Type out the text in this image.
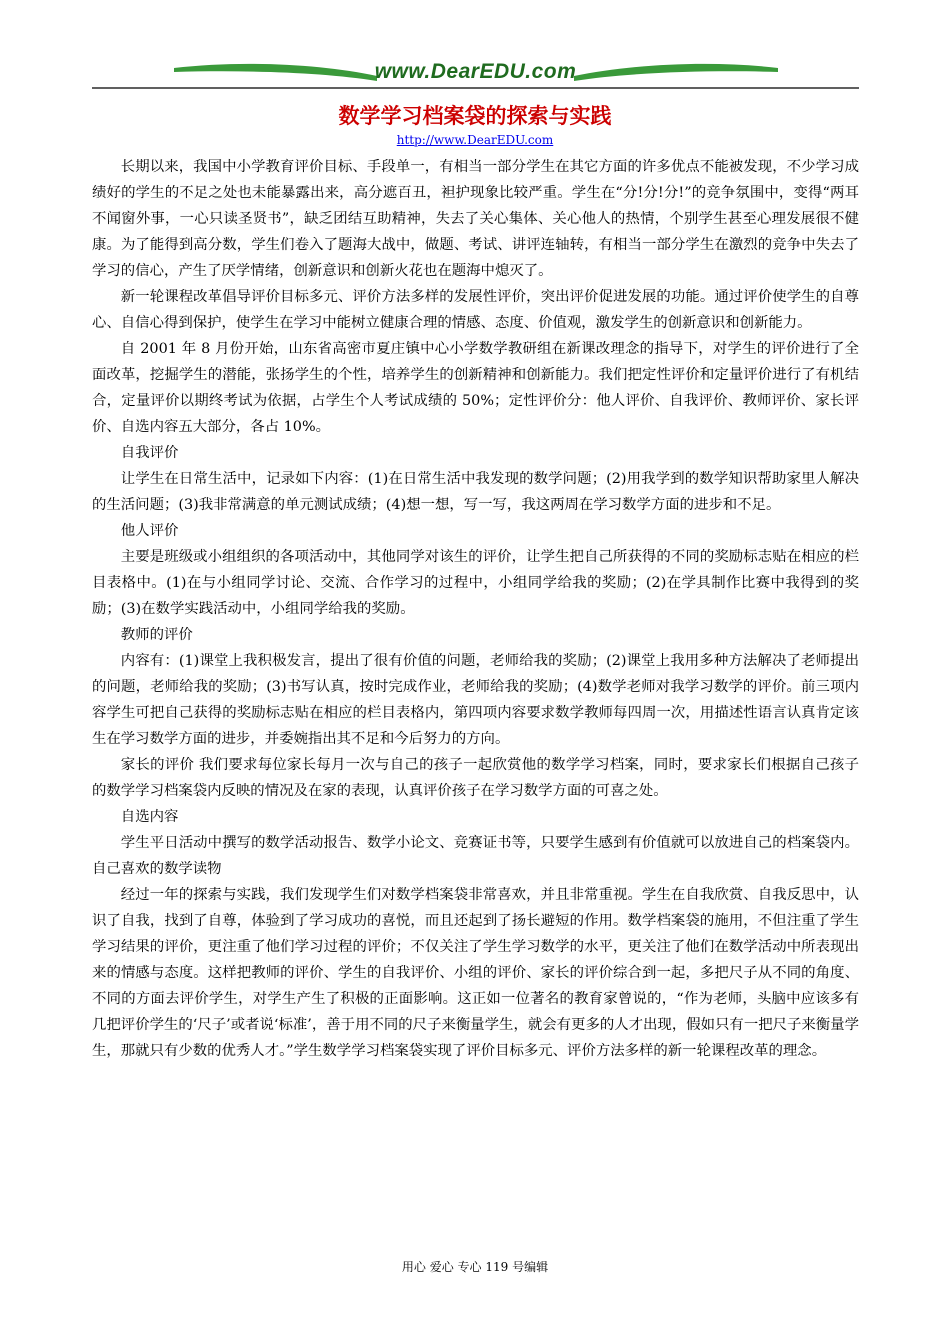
www.DearEDU.com
数学学习档案袋的探索与实践
http://www.DearEDU.com

长期以来，我国中小学教育评价目标、手段单一，有相当一部分学生在其它方面的许多优点不能被发现，不少学习成绩好的学生的不足之处也未能暴露出来，高分遮百丑，袒护现象比较严重。学生在“分!分!分!”的竞争氛围中，变得“两耳不闻窗外事，一心只读圣贤书”，缺乏团结互助精神，失去了关心集体、关心他人的热情，个别学生甚至心理发展很不健康。为了能得到高分数，学生们卷入了题海大战中，做题、考试、讲评连轴转，有相当一部分学生在激烈的竞争中失去了学习的信心，产生了厌学情绪，创新意识和创新火花也在题海中熄灭了。

新一轮课程改革倡导评价目标多元、评价方法多样的发展性评价，突出评价促进发展的功能。通过评价使学生的自尊心、自信心得到保护，使学生在学习中能树立健康合理的情感、态度、价值观，激发学生的创新意识和创新能力。

自 2001 年 8 月份开始，山东省高密市夏庄镇中心小学数学教研组在新课改理念的指导下，对学生的评价进行了全面改革，挖掘学生的潜能，张扬学生的个性，培养学生的创新精神和创新能力。我们把定性评价和定量评价进行了有机结合，定量评价以期终考试为依据，占学生个人考试成绩的 50%；定性评价分：他人评价、自我评价、教师评价、家长评价、自选内容五大部分，各占 10%。

自我评价

让学生在日常生活中，记录如下内容：(1)在日常生活中我发现的数学问题；(2)用我学到的数学知识帮助家里人解决的生活问题；(3)我非常满意的单元测试成绩；(4)想一想，写一写，我这两周在学习数学方面的进步和不足。

他人评价

主要是班级或小组组织的各项活动中，其他同学对该生的评价，让学生把自己所获得的不同的奖励标志贴在相应的栏目表格中。(1)在与小组同学讨论、交流、合作学习的过程中，小组同学给我的奖励；(2)在学具制作比赛中我得到的奖励；(3)在数学实践活动中，小组同学给我的奖励。

教师的评价

内容有：(1)课堂上我积极发言，提出了很有价值的问题，老师给我的奖励；(2)课堂上我用多种方法解决了老师提出的问题，老师给我的奖励；(3)书写认真，按时完成作业，老师给我的奖励；(4)数学老师对我学习数学的评价。前三项内容学生可把自己获得的奖励标志贴在相应的栏目表格内，第四项内容要求数学教师每四周一次，用描述性语言认真肯定该生在学习数学方面的进步，并委婉指出其不足和今后努力的方向。

家长的评价 我们要求每位家长每月一次与自己的孩子一起欣赏他的数学学习档案，同时，要求家长们根据自己孩子的数学学习档案袋内反映的情况及在家的表现，认真评价孩子在学习数学方面的可喜之处。

自选内容

学生平日活动中撰写的数学活动报告、数学小论文、竞赛证书等，只要学生感到有价值就可以放进自己的档案袋内。自己喜欢的数学读物

经过一年的探索与实践，我们发现学生们对数学档案袋非常喜欢，并且非常重视。学生在自我欣赏、自我反思中，认识了自我，找到了自尊，体验到了学习成功的喜悦，而且还起到了扬长避短的作用。数学档案袋的施用，不但注重了学生学习结果的评价，更注重了他们学习过程的评价；不仅关注了学生学习数学的水平，更关注了他们在数学活动中所表现出来的情感与态度。这样把教师的评价、学生的自我评价、小组的评价、家长的评价综合到一起，多把尺子从不同的角度、不同的方面去评价学生，对学生产生了积极的正面影响。这正如一位著名的教育家曾说的，“作为老师，头脑中应该多有几把评价学生的‘尺子’或者说‘标准’，善于用不同的尺子来衡量学生，就会有更多的人才出现，假如只有一把尺子来衡量学生，那就只有少数的优秀人才。”学生数学学习档案袋实现了评价目标多元、评价方法多样的新一轮课程改革的理念。

用心 爱心 专心 119 号编辑
